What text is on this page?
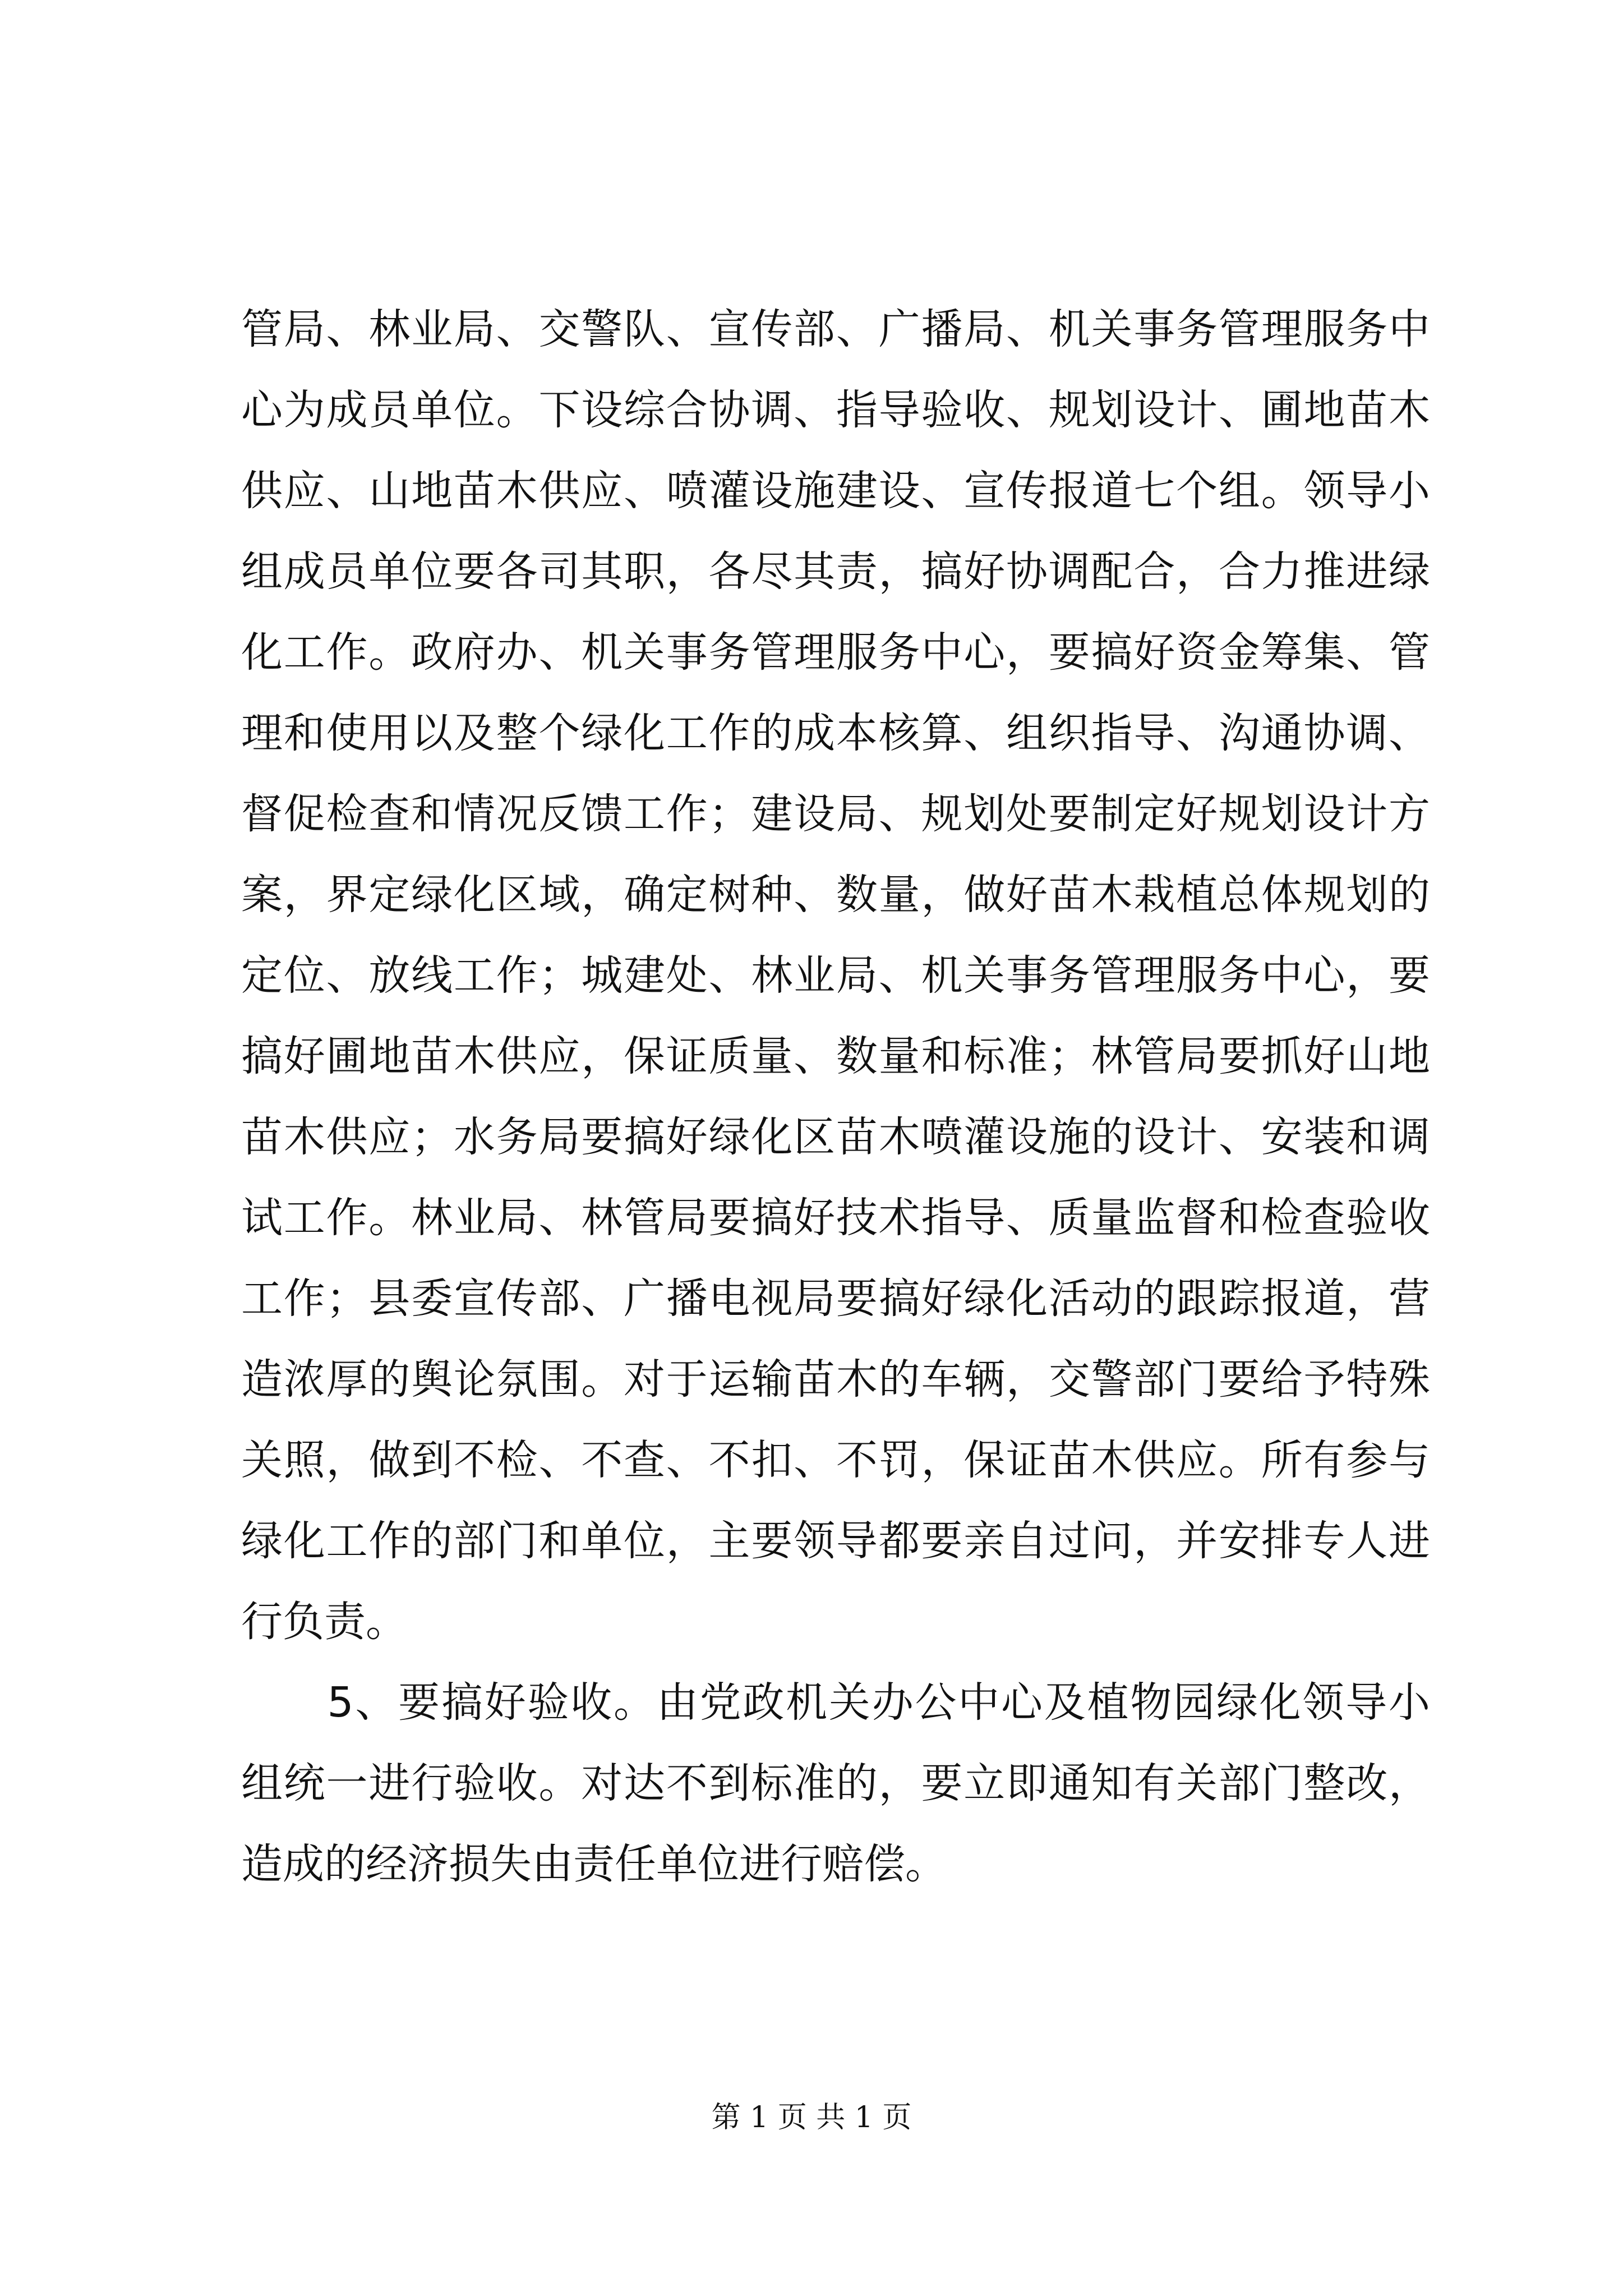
管局、林业局、交警队、宣传部、广播局、机关事务管理服务中
心为成员单位。下设综合协调、指导验收、规划设计、圃地苗木
供应、山地苗木供应、喷灌设施建设、宣传报道七个组。领导小
组成员单位要各司其职，各尽其责，搞好协调配合，合力推进绿
化工作。政府办、机关事务管理服务中心，要搞好资金筹集、管
理和使用以及整个绿化工作的成本核算、组织指导、沟通协调、
督促检查和情况反馈工作；建设局、规划处要制定好规划设计方
案，界定绿化区域，确定树种、数量，做好苗木栽植总体规划的
定位、放线工作；城建处、林业局、机关事务管理服务中心，要
搞好圃地苗木供应，保证质量、数量和标准；林管局要抓好山地
苗木供应；水务局要搞好绿化区苗木喷灌设施的设计、安装和调
试工作。林业局、林管局要搞好技术指导、质量监督和检查验收
工作；县委宣传部、广播电视局要搞好绿化活动的跟踪报道，营
造浓厚的舆论氛围。对于运输苗木的车辆，交警部门要给予特殊
关照，做到不检、不查、不扣、不罚，保证苗木供应。所有参与
绿化工作的部门和单位，主要领导都要亲自过问，并安排专人进
行负责。
　　5、要搞好验收。由党政机关办公中心及植物园绿化领导小
组统一进行验收。对达不到标准的，要立即通知有关部门整改，
造成的经济损失由责任单位进行赔偿。
第 1 页 共 1 页
